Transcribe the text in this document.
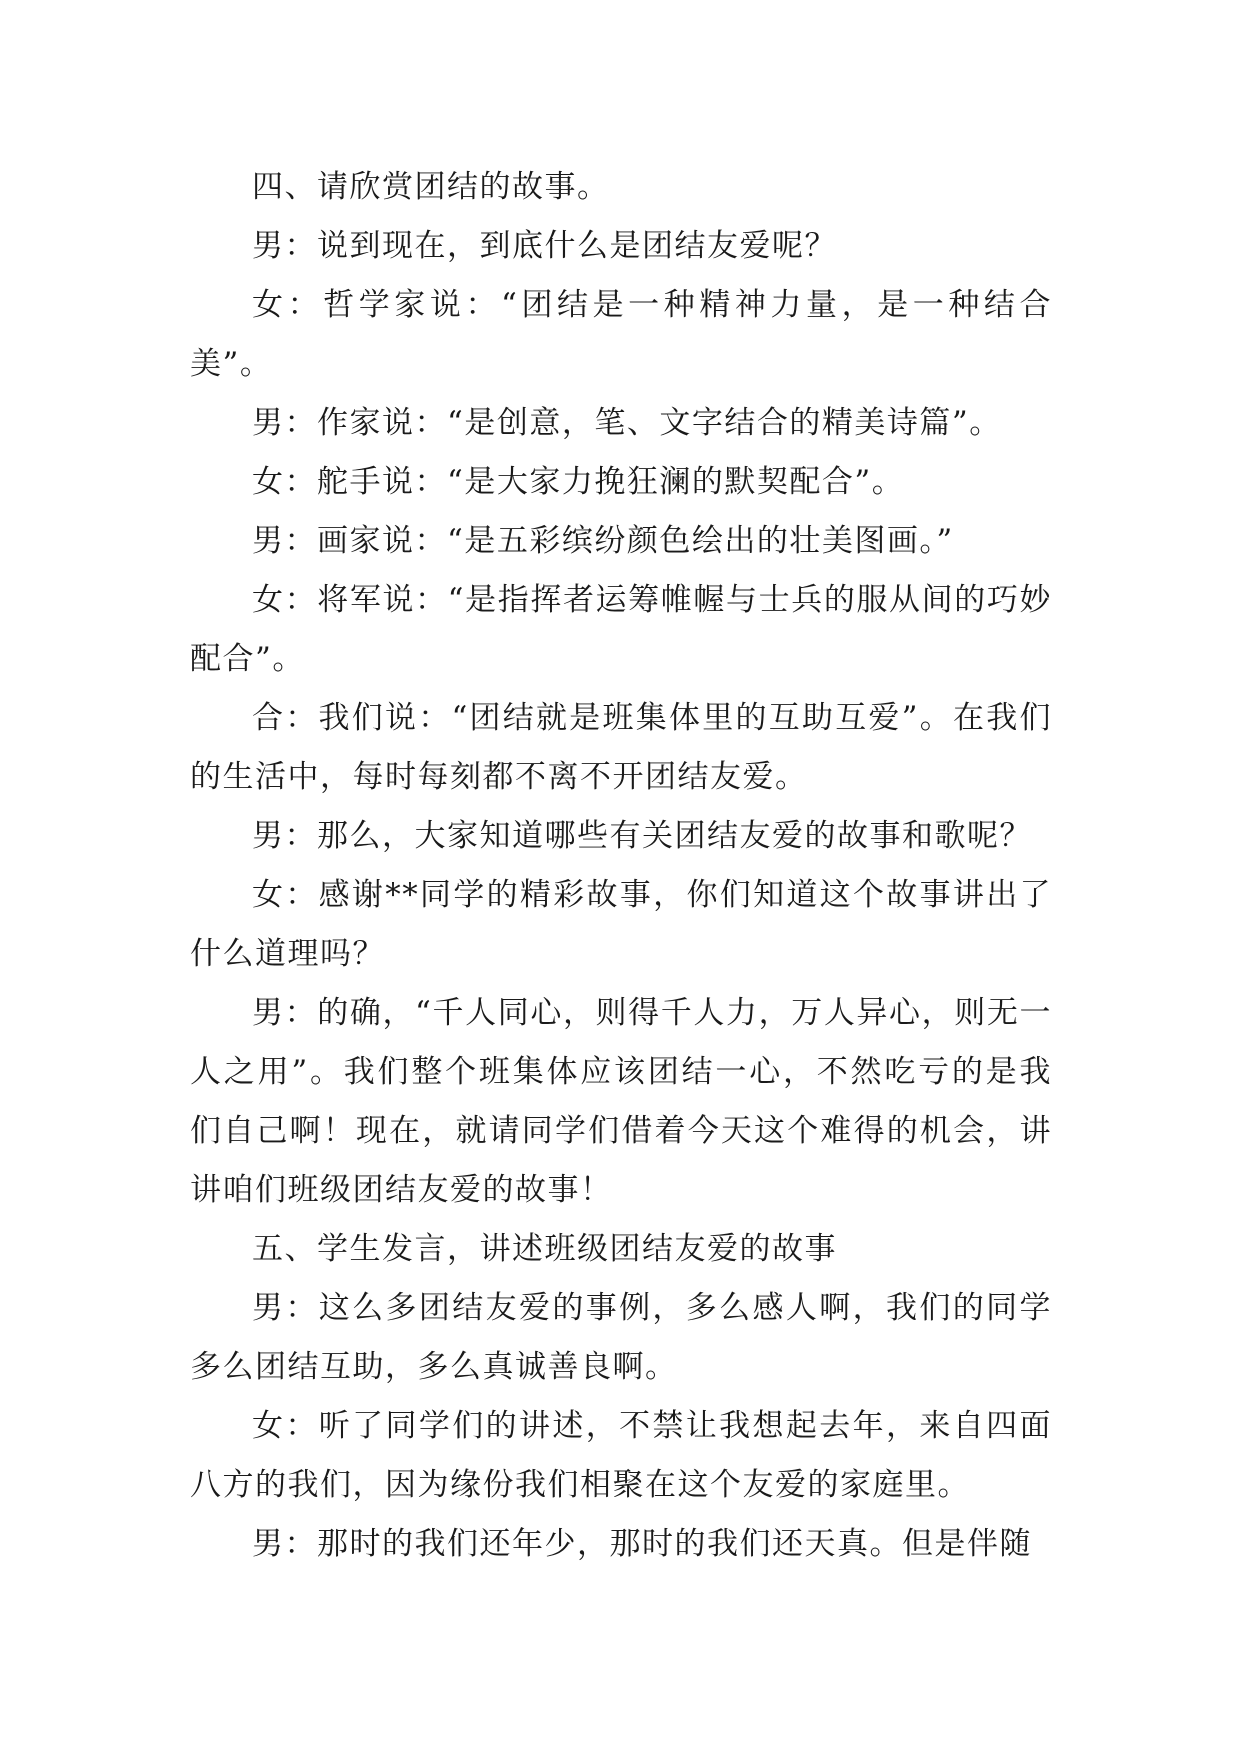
四、请欣赏团结的故事。

男：说到现在，到底什么是团结友爱呢？

女：哲学家说：“团结是一种精神力量，是一种结合美”。

男：作家说：“是创意，笔、文字结合的精美诗篇”。

女：舵手说：“是大家力挽狂澜的默契配合”。

男：画家说：“是五彩缤纷颜色绘出的壮美图画。”

女：将军说：“是指挥者运筹帷幄与士兵的服从间的巧妙配合”。

合：我们说：“团结就是班集体里的互助互爱”。在我们的生活中，每时每刻都不离不开团结友爱。

男：那么，大家知道哪些有关团结友爱的故事和歌呢？

女：感谢**同学的精彩故事，你们知道这个故事讲出了什么道理吗？

男：的确，“千人同心，则得千人力，万人异心，则无一人之用”。我们整个班集体应该团结一心，不然吃亏的是我们自己啊！现在，就请同学们借着今天这个难得的机会，讲讲咱们班级团结友爱的故事！

五、学生发言，讲述班级团结友爱的故事

男：这么多团结友爱的事例，多么感人啊，我们的同学多么团结互助，多么真诚善良啊。

女：听了同学们的讲述，不禁让我想起去年，来自四面八方的我们，因为缘份我们相聚在这个友爱的家庭里。

男：那时的我们还年少，那时的我们还天真。但是伴随
